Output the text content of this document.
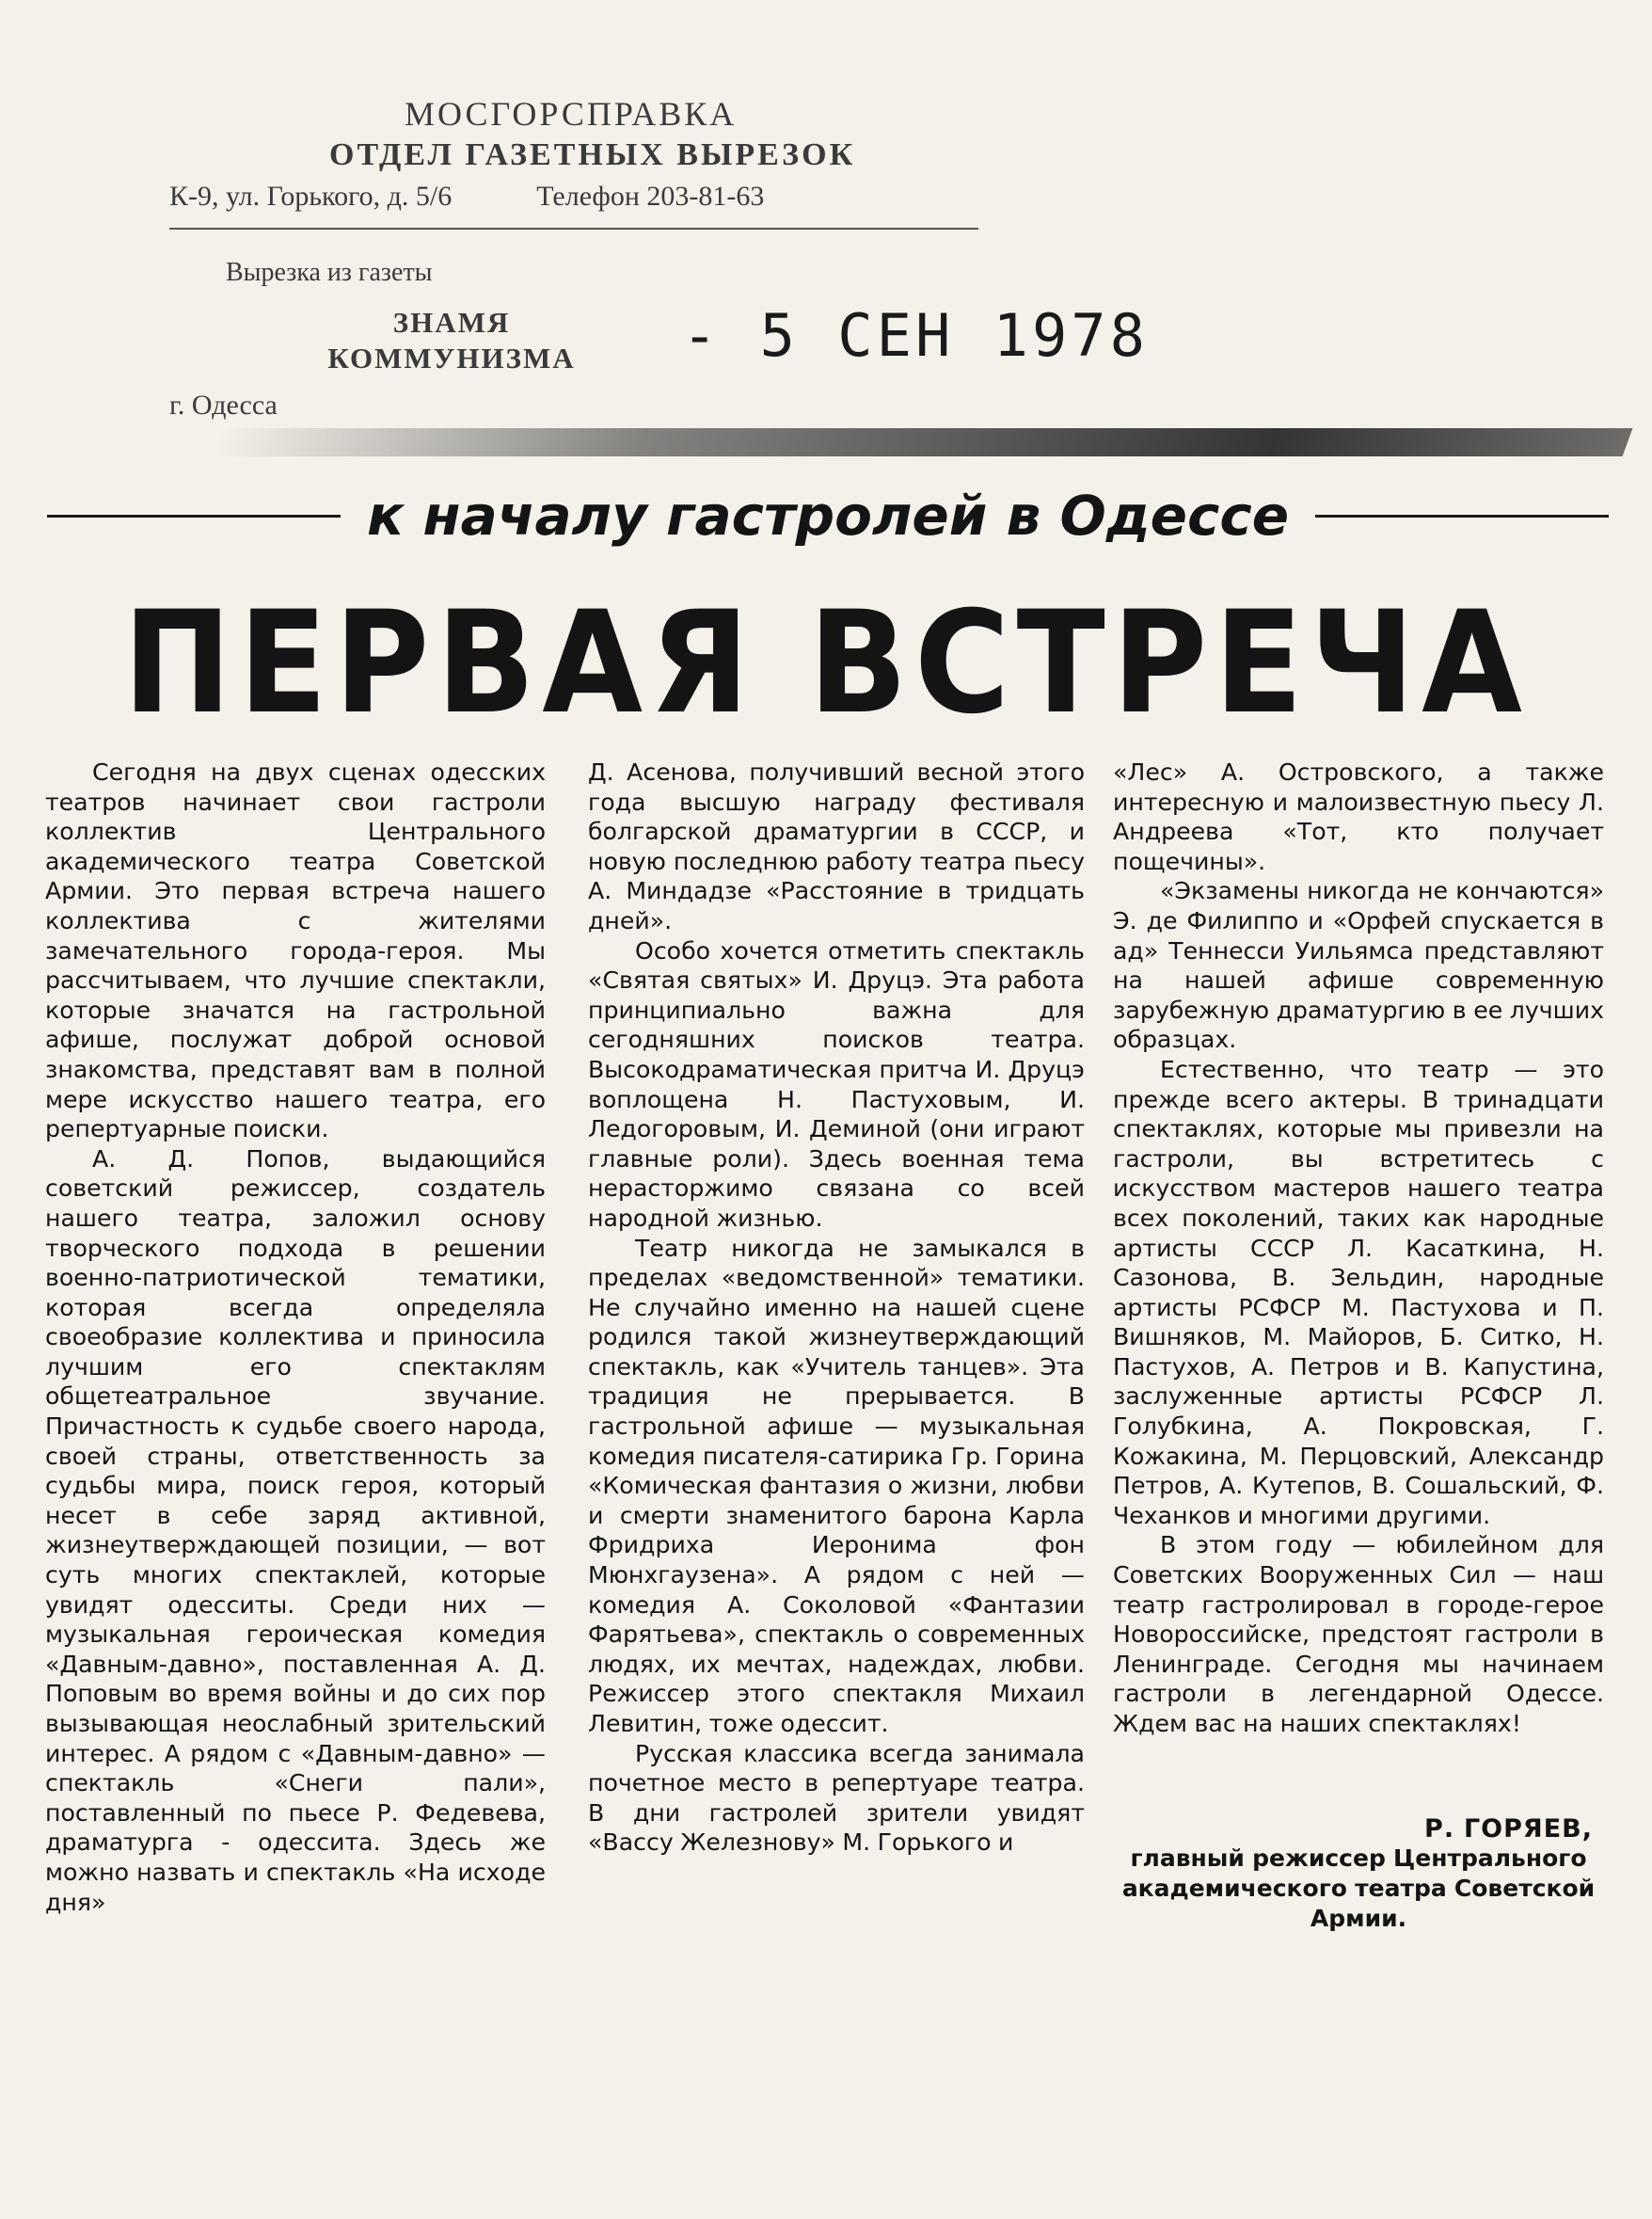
МОСГОРСПРАВКА
ОТДЕЛ ГАЗЕТНЫХ ВЫРЕЗОК
К-9, ул. Горького, д. 5/6	Телефон 203-81-63
Вырезка из газеты
ЗНАМЯ
КОММУНИЗМА
г. Одесса
- 5 СЕН 1978
к началу гастролей в Одессе
ПЕРВАЯ ВСТРЕЧА

Сегодня на двух сценах одесских театров начинает свои гастроли коллектив Центрального академического театра Советской Армии. Это первая встреча нашего коллектива с жителями замечательного города-героя. Мы рассчитываем, что лучшие спектакли, которые значатся на гастрольной афише, послужат доброй основой знакомства, представят вам в полной мере искусство нашего театра, его репертуарные поиски.

А. Д. Попов, выдающийся советский режиссер, создатель нашего театра, заложил основу творческого подхода в решении военно-патриотической тематики, которая всегда определяла своеобразие коллектива и приносила лучшим его спектаклям общетеатральное звучание. Причастность к судьбе своего народа, своей страны, ответственность за судьбы мира, поиск героя, который несет в себе заряд активной, жизнеутверждающей позиции, — вот суть многих спектаклей, которые увидят одесситы. Среди них — музыкальная героическая комедия «Давным-давно», поставленная А. Д. Поповым во время войны и до сих пор вызывающая неослабный зрительский интерес. А рядом с «Давным-давно» — спектакль «Снеги пали», поставленный по пьесе Р. Федевева, драматурга - одессита. Здесь же можно назвать и спектакль «На исходе дня»

Д. Асенова, получивший весной этого года высшую награду фестиваля болгарской драматургии в СССР, и новую последнюю работу театра пьесу А. Миндадзе «Расстояние в тридцать дней».

Особо хочется отметить спектакль «Святая святых» И. Друцэ. Эта работа принципиально важна для сегодняшних поисков театра. Высокодраматическая притча И. Друцэ воплощена Н. Пастуховым, И. Ледогоровым, И. Деминой (они играют главные роли). Здесь военная тема нерасторжимо связана со всей народной жизнью.

Театр никогда не замыкался в пределах «ведомственной» тематики. Не случайно именно на нашей сцене родился такой жизнеутверждающий спектакль, как «Учитель танцев». Эта традиция не прерывается. В гастрольной афише — музыкальная комедия писателя-сатирика Гр. Горина «Комическая фантазия о жизни, любви и смерти знаменитого барона Карла Фридриха Иеронима фон Мюнхгаузена». А рядом с ней — комедия А. Соколовой «Фантазии Фарятьева», спектакль о современных людях, их мечтах, надеждах, любви. Режиссер этого спектакля Михаил Левитин, тоже одессит.

Русская классика всегда занимала почетное место в репертуаре театра. В дни гастролей зрители увидят «Вассу Железнову» М. Горького и

«Лес» А. Островского, а также интересную и малоизвестную пьесу Л. Андреева «Тот, кто получает пощечины».

«Экзамены никогда не кончаются» Э. де Филиппо и «Орфей спускается в ад» Теннесси Уильямса представляют на нашей афише современную зарубежную драматургию в ее лучших образцах.

Естественно, что театр — это прежде всего актеры. В тринадцати спектаклях, которые мы привезли на гастроли, вы встретитесь с искусством мастеров нашего театра всех поколений, таких как народные артисты СССР Л. Касаткина, Н. Сазонова, В. Зельдин, народные артисты РСФСР М. Пастухова и П. Вишняков, М. Майоров, Б. Ситко, Н. Пастухов, А. Петров и В. Капустина, заслуженные артисты РСФСР Л. Голубкина, А. Покровская, Г. Кожакина, М. Перцовский, Александр Петров, А. Кутепов, В. Сошальский, Ф. Чеханков и многими другими.

В этом году — юбилейном для Советских Вооруженных Сил — наш театр гастролировал в городе-герое Новороссийске, предстоят гастроли в Ленинграде. Сегодня мы начинаем гастроли в легендарной Одессе. Ждем вас на наших спектаклях!

Р. ГОРЯЕВ,
главный режиссер Центрального академического театра Советской Армии.
